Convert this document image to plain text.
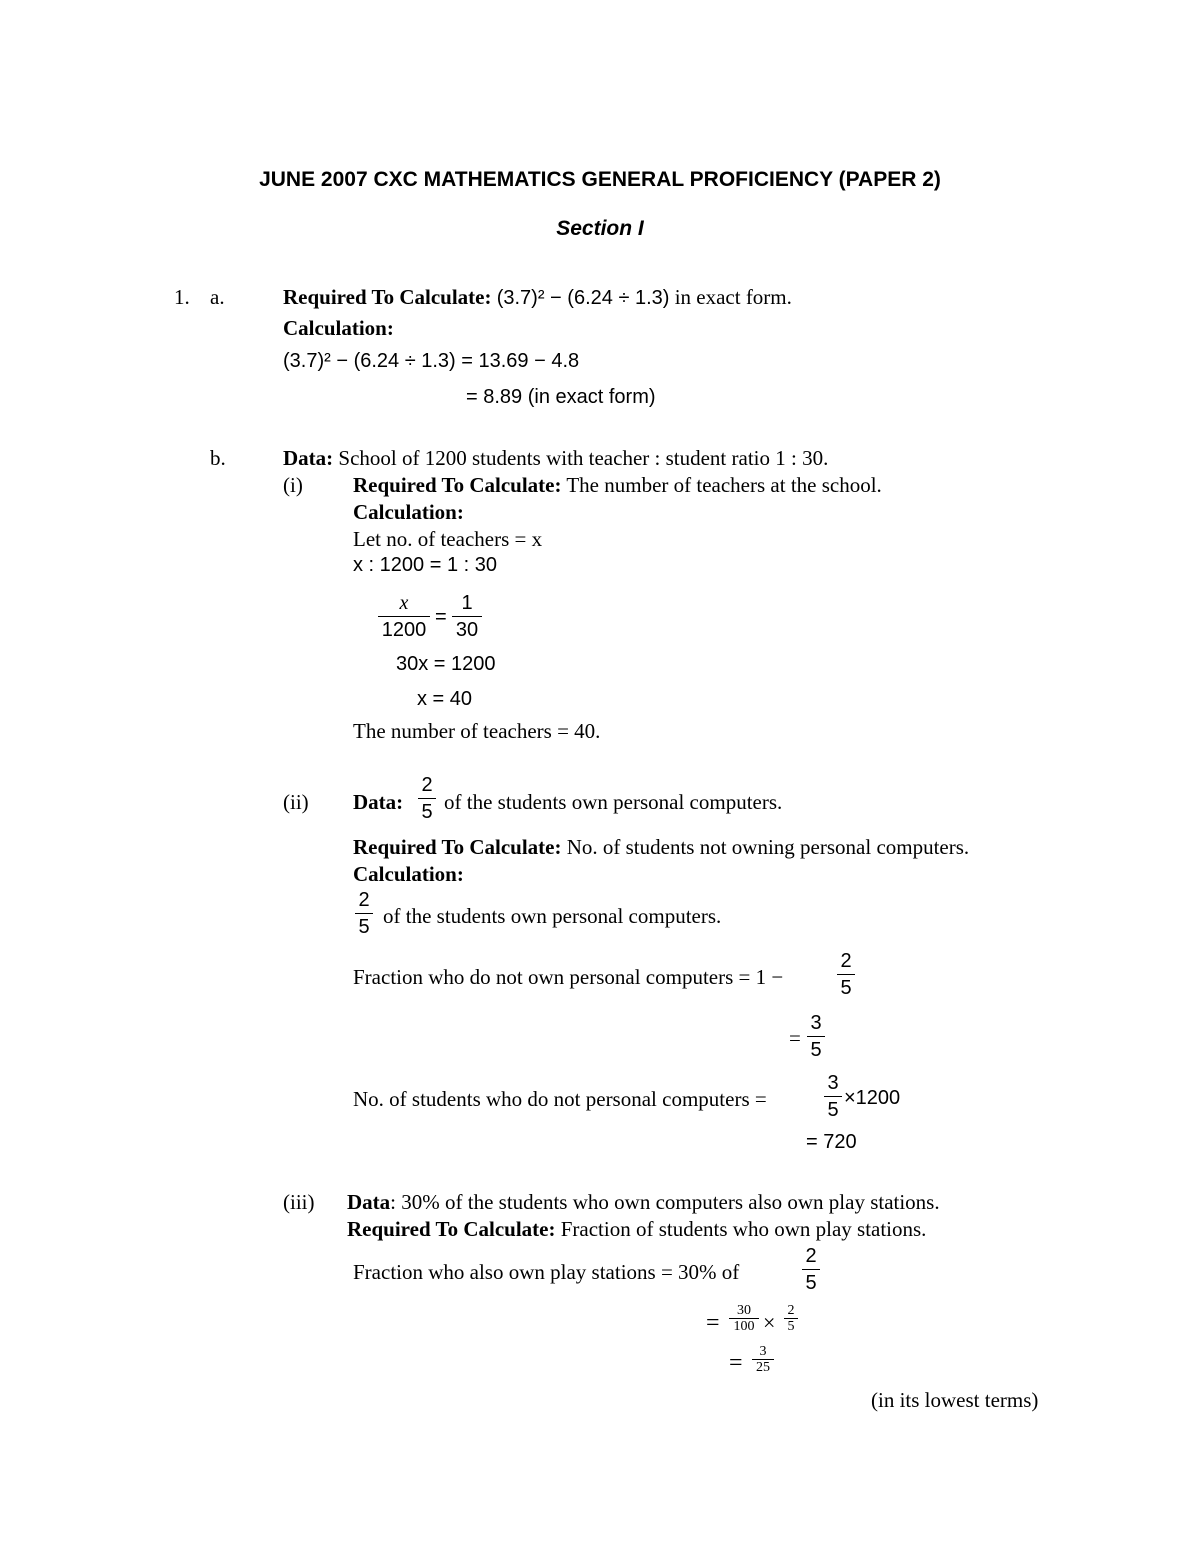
JUNE 2007 CXC MATHEMATICS GENERAL PROFICIENCY (PAPER 2)
Section I
1. a.	Required To Calculate: (3.7)² − (6.24 ÷ 1.3) in exact form.
Calculation:
(3.7)² − (6.24 ÷ 1.3) = 13.69 − 4.8
= 8.89 (in exact form)
b.	Data: School of 1200 students with teacher : student ratio 1 : 30.
(i) Required To Calculate: The number of teachers at the school.
Calculation:
Let no. of teachers = x
x : 1200 = 1 : 30
x
1200
=
1
30
30x = 1200
x = 40
The number of teachers = 40.
(ii) Data:
2
5 of the students own personal computers.
Required To Calculate: No. of students not owning personal computers.
Calculation:
2
5 of the students own personal computers.
Fraction who do not own personal computers = 1 −
2
5
=
3
5
No. of students who do not personal computers =
3
5
×1200
= 720
(iii) Data: 30% of the students who own computers also own play stations.
Required To Calculate: Fraction of students who own play stations.
Fraction who also own play stations = 30% of
2
5
=	30
100 × 2
5
=	3
25
(in its lowest terms)
